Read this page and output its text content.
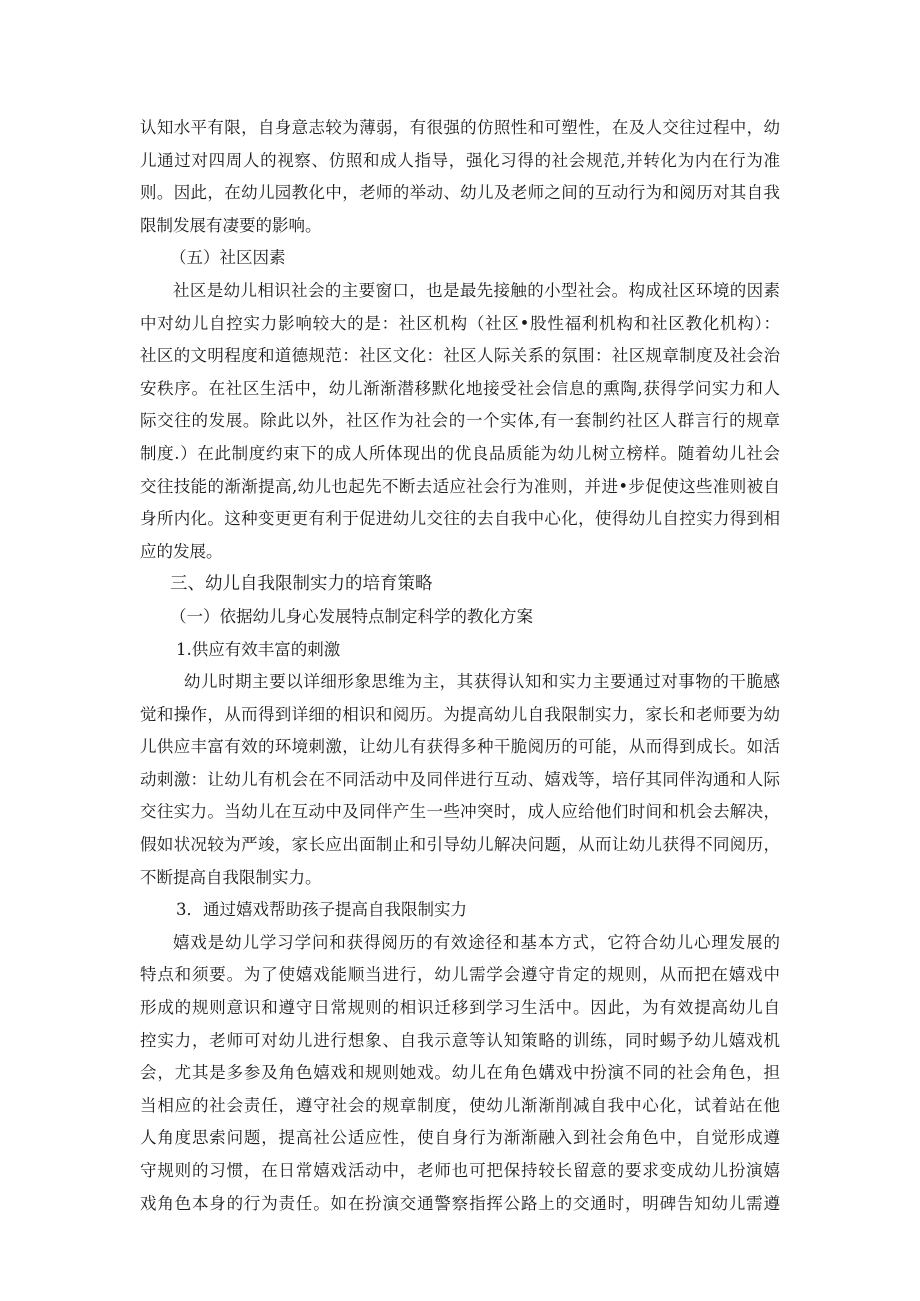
认知水平有限，自身意志较为薄弱，有很强的仿照性和可塑性，在及人交往过程中，幼
儿通过对四周人的视察、仿照和成人指导，强化习得的社会规范,并转化为内在行为准
则。因此，在幼儿园教化中，老师的举动、幼儿及老师之间的互动行为和阅历对其自我
限制发展有凄要的影响。
（五）社区因素
社区是幼儿相识社会的主要窗口，也是最先接触的小型社会。构成社区环境的因素
中对幼儿自控实力影响较大的是：社区机构（社区•股性福利机构和社区教化机构）：
社区的文明程度和道德规范：社区文化：社区人际关系的氛围：社区规章制度及社会治
安秩序。在社区生活中，幼儿渐渐潜移默化地接受社会信息的熏陶,获得学问实力和人
际交往的发展。除此以外，社区作为社会的一个实体,有一套制约社区人群言行的规章
制度.）在此制度约束下的成人所体现出的优良品质能为幼儿树立榜样。随着幼儿社会
交往技能的渐渐提高,幼儿也起先不断去适应社会行为准则，并进•步促使这些准则被自
身所内化。这种变更更有利于促进幼儿交往的去自我中心化，使得幼儿自控实力得到相
应的发展。
三、幼儿自我限制实力的培育策略
（一）依据幼儿身心发展特点制定科学的教化方案
1.供应有效丰富的刺激
幼儿时期主要以详细形象思维为主，其获得认知和实力主要通过对事物的干脆感
觉和操作，从而得到详细的相识和阅历。为提高幼儿自我限制实力，家长和老师要为幼
儿供应丰富有效的环境刺激，让幼儿有获得多种干脆阅历的可能，从而得到成长。如活
动刺激：让幼儿有机会在不同活动中及同伴进行互动、嬉戏等，培仔其同伴沟通和人际
交往实力。当幼儿在互动中及同伴产生一些冲突时，成人应给他们时间和机会去解决，
假如状况较为严竣，家长应出面制止和引导幼儿解决问题，从而让幼儿获得不同阅历，
不断提高自我限制实力。
3．通过嬉戏帮助孩子提高自我限制实力
嬉戏是幼儿学习学问和获得阅历的有效途径和基本方式，它符合幼儿心理发展的
特点和须要。为了使嬉戏能顺当进行，幼儿需学会遵守肯定的规则，从而把在嬉戏中
形成的规则意识和遵守日常规则的相识迁移到学习生活中。因此，为有效提高幼儿自
控实力，老师可对幼儿进行想象、自我示意等认知策略的训练，同时蜴予幼儿嬉戏机
会，尤其是多参及角色嬉戏和规则她戏。幼儿在角色媾戏中扮演不同的社会角色，担
当相应的社会责任，遵守社会的规章制度，使幼儿渐渐削减自我中心化，试着站在他
人角度思索问题，提高社公适应性，使自身行为渐渐融入到社会角色中，自觉形成遵
守规则的习惯，在日常嬉戏活动中，老师也可把保持较长留意的要求变成幼儿扮演嬉
戏角色本身的行为责任。如在扮演交通警察指挥公路上的交通时，明碑告知幼儿需遵
